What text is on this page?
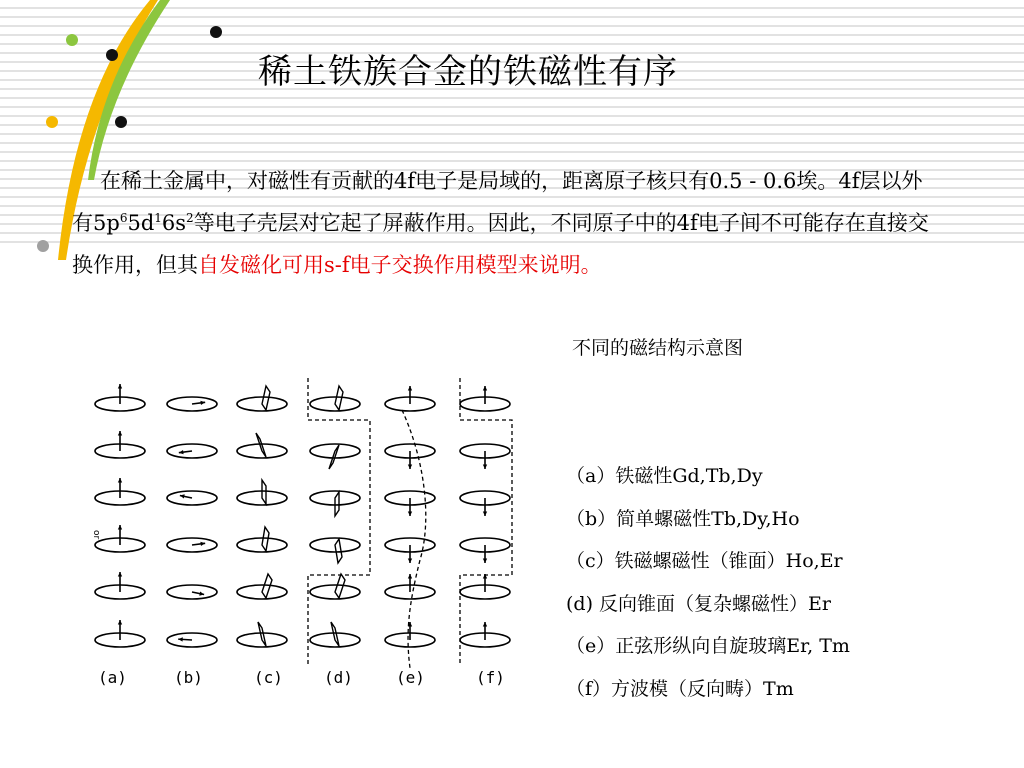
稀土铁族合金的铁磁性有序
在稀土金属中，对磁性有贡献的4f电子是局域的，距离原子核只有0.5 - 0.6埃。4f层以外有$5p^65d^16s^2$等电子壳层对它起了屏蔽作用。因此，不同原子中的4f电子间不可能存在直接交换作用，但其自发磁化可用s-f电子交换作用模型来说明。
不同的磁结构示意图
or
（a）铁磁性Gd,Tb,Dy
（b）简单螺磁性Tb,Dy,Ho
（c）铁磁螺磁性（锥面）Ho,Er
(d) 反向锥面（复杂螺磁性）Er
（e）正弦形纵向自旋玻璃Er, Tm
（f）方波模（反向畴）Tm
(a)	(b)	(c)	(d)	(e)	(f)
